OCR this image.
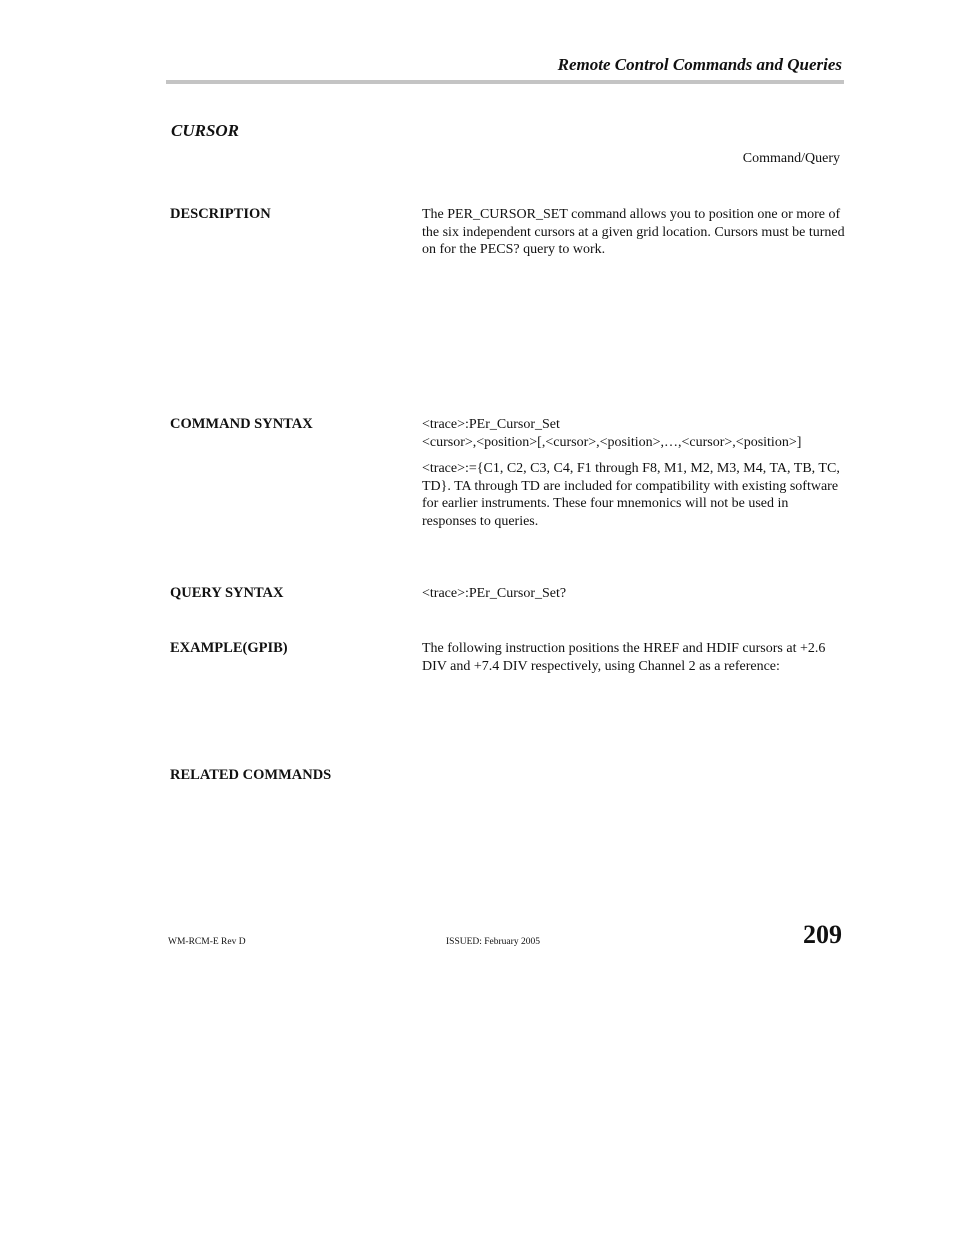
Remote Control Commands and Queries
CURSOR
Command/Query
DESCRIPTION	The PER_CURSOR_SET command allows you to position one or more of the six independent cursors at a given grid location. Cursors must be turned on for the PECS? query to work.

COMMAND SYNTAX	<trace>:PEr_Cursor_Set
<cursor>,<position>[,<cursor>,<position>,…,<cursor>,<position>]

<trace>:={C1, C2, C3, C4, F1 through F8, M1, M2, M3, M4, TA, TB, TC, TD}. TA through TD are included for compatibility with existing software for earlier instruments. These four mnemonics will not be used in responses to queries.

QUERY SYNTAX	<trace>:PEr_Cursor_Set?

EXAMPLE(GPIB)	The following instruction positions the HREF and HDIF cursors at +2.6 DIV and +7.4 DIV respectively, using Channel 2 as a reference:

RELATED COMMANDS
WM-RCM-E Rev D	ISSUED: February 2005	209
